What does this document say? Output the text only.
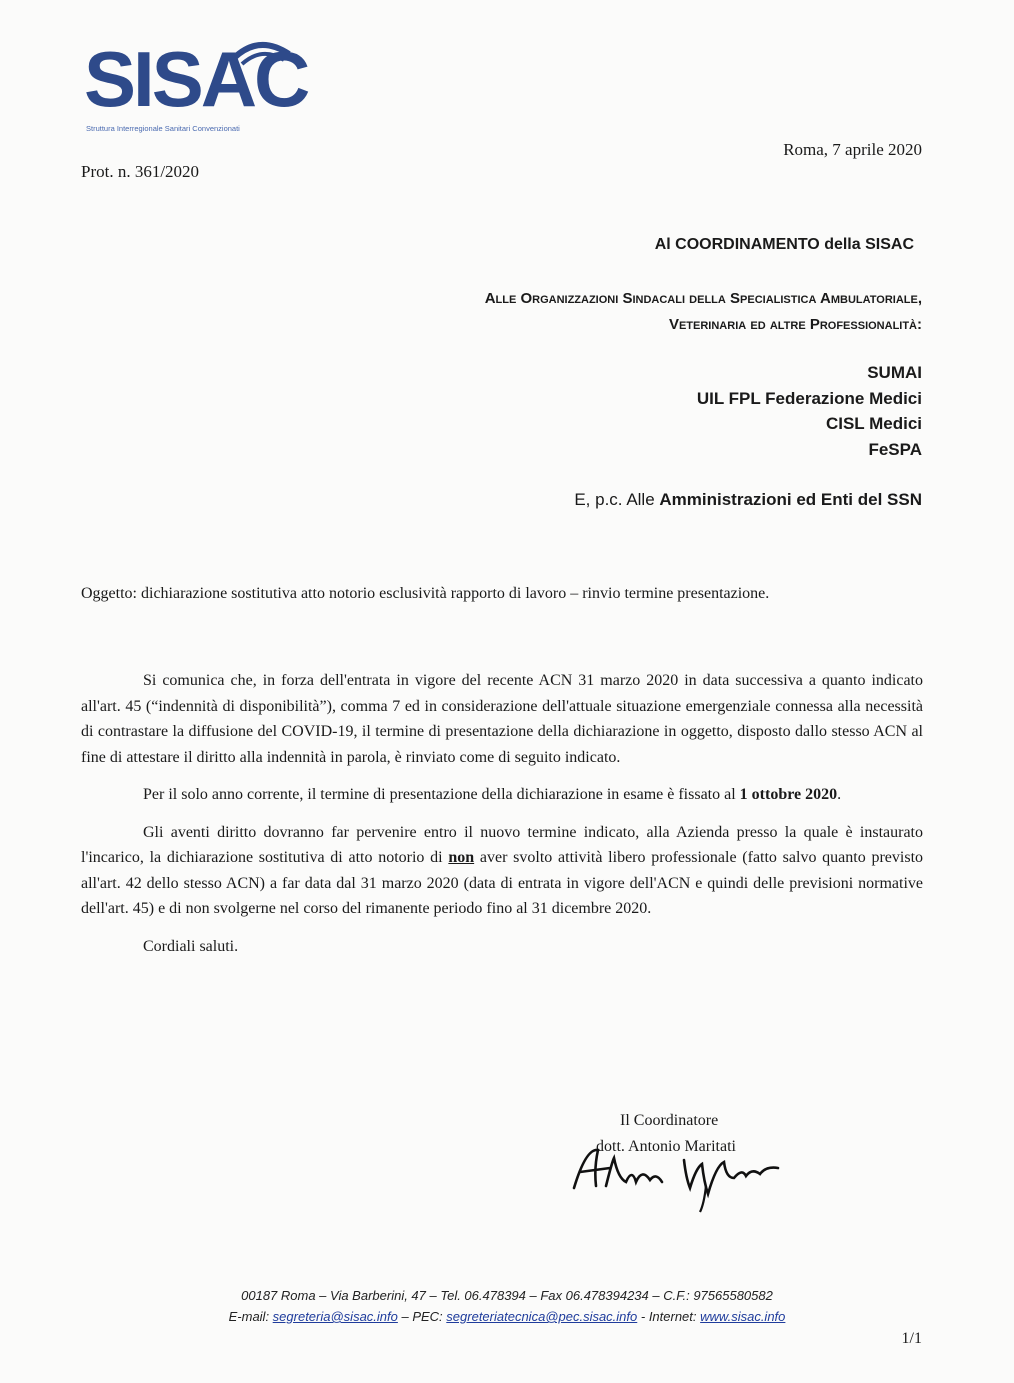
SISAC
Struttura Interregionale Sanitari Convenzionati
Roma, 7 aprile 2020
Prot. n. 361/2020
Al COORDINAMENTO della SISAC
Alle Organizzazioni Sindacali della Specialistica Ambulatoriale,
Veterinaria ed altre Professionalità:
SUMAI
UIL FPL Federazione Medici
CISL Medici
FeSPA
E, p.c. Alle Amministrazioni ed Enti del SSN
Oggetto: dichiarazione sostitutiva atto notorio esclusività rapporto di lavoro – rinvio termine presentazione.

Si comunica che, in forza dell'entrata in vigore del recente ACN 31 marzo 2020 in data successiva a quanto indicato all'art. 45 (“indennità di disponibilità”), comma 7 ed in considerazione dell'attuale situazione emergenziale connessa alla necessità di contrastare la diffusione del COVID-19, il termine di presentazione della dichiarazione in oggetto, disposto dallo stesso ACN al fine di attestare il diritto alla indennità in parola, è rinviato come di seguito indicato.

Per il solo anno corrente, il termine di presentazione della dichiarazione in esame è fissato al 1 ottobre 2020.

Gli aventi diritto dovranno far pervenire entro il nuovo termine indicato, alla Azienda presso la quale è instaurato l'incarico, la dichiarazione sostitutiva di atto notorio di non aver svolto attività libero professionale (fatto salvo quanto previsto all'art. 42 dello stesso ACN) a far data dal 31 marzo 2020 (data di entrata in vigore dell'ACN e quindi delle previsioni normative dell'art. 45) e di non svolgerne nel corso del rimanente periodo fino al 31 dicembre 2020.

Cordiali saluti.

Il Coordinatore
dott. Antonio Maritati
00187 Roma – Via Barberini, 47 – Tel. 06.478394 – Fax 06.478394234 – C.F.: 97565580582
E-mail: segreteria@sisac.info – PEC: segreteriatecnica@pec.sisac.info - Internet: www.sisac.info
1/1
